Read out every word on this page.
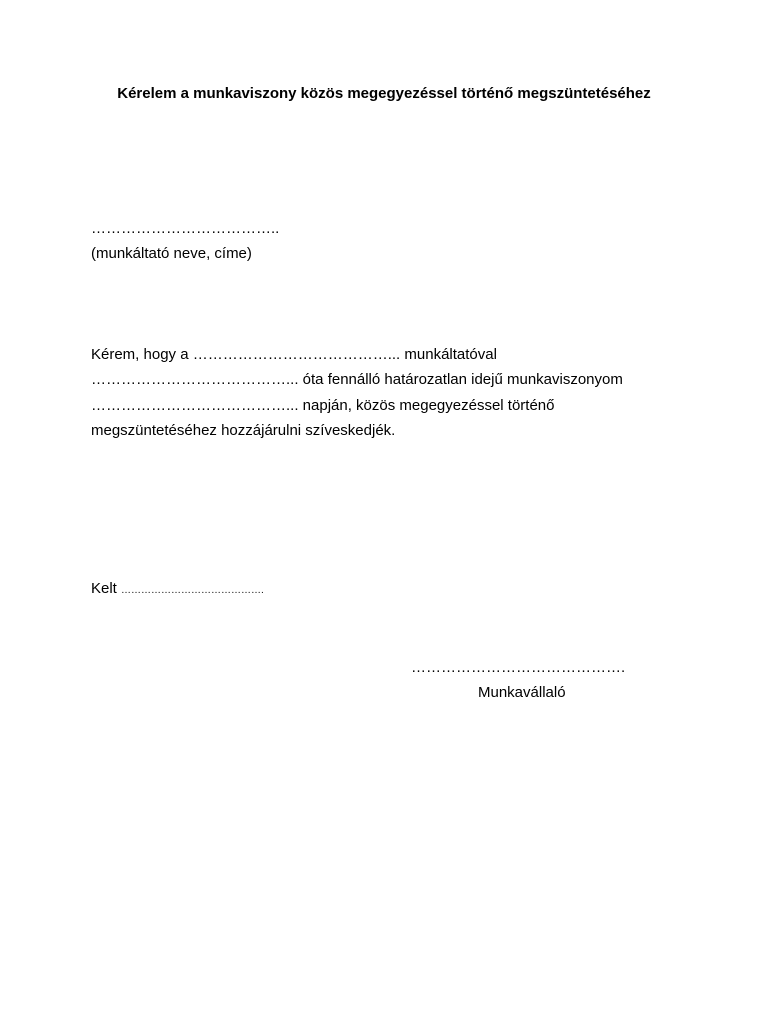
Kérelem a munkaviszony közös megegyezéssel történő megszüntetéséhez
………………………………..
(munkáltató neve, címe)
Kérem, hogy a …………………………………... munkáltatóval
…………………………………... óta fennálló határozatlan idejű munkaviszonyom
…………………………………... napján, közös megegyezéssel történő
megszüntetéséhez hozzájárulni szíveskedjék.
Kelt …………………………………….
…………………………………….
Munkavállaló
